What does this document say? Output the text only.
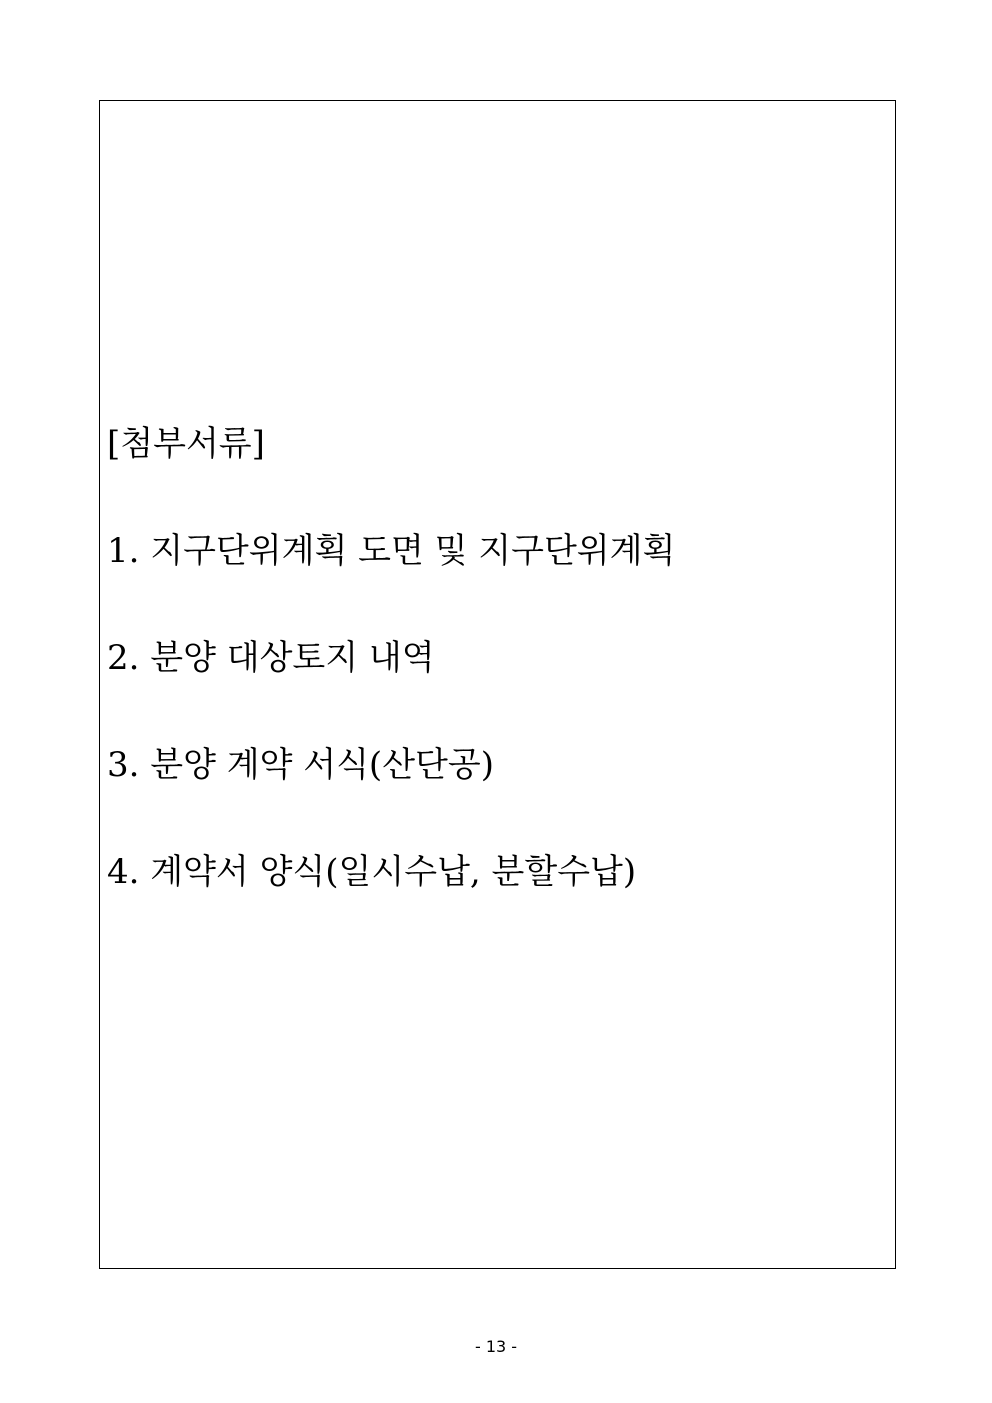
[첨부서류]
1. 지구단위계획 도면 및 지구단위계획
2. 분양 대상토지 내역
3. 분양 계약 서식(산단공)
4. 계약서 양식(일시수납, 분할수납)
- 13 -
